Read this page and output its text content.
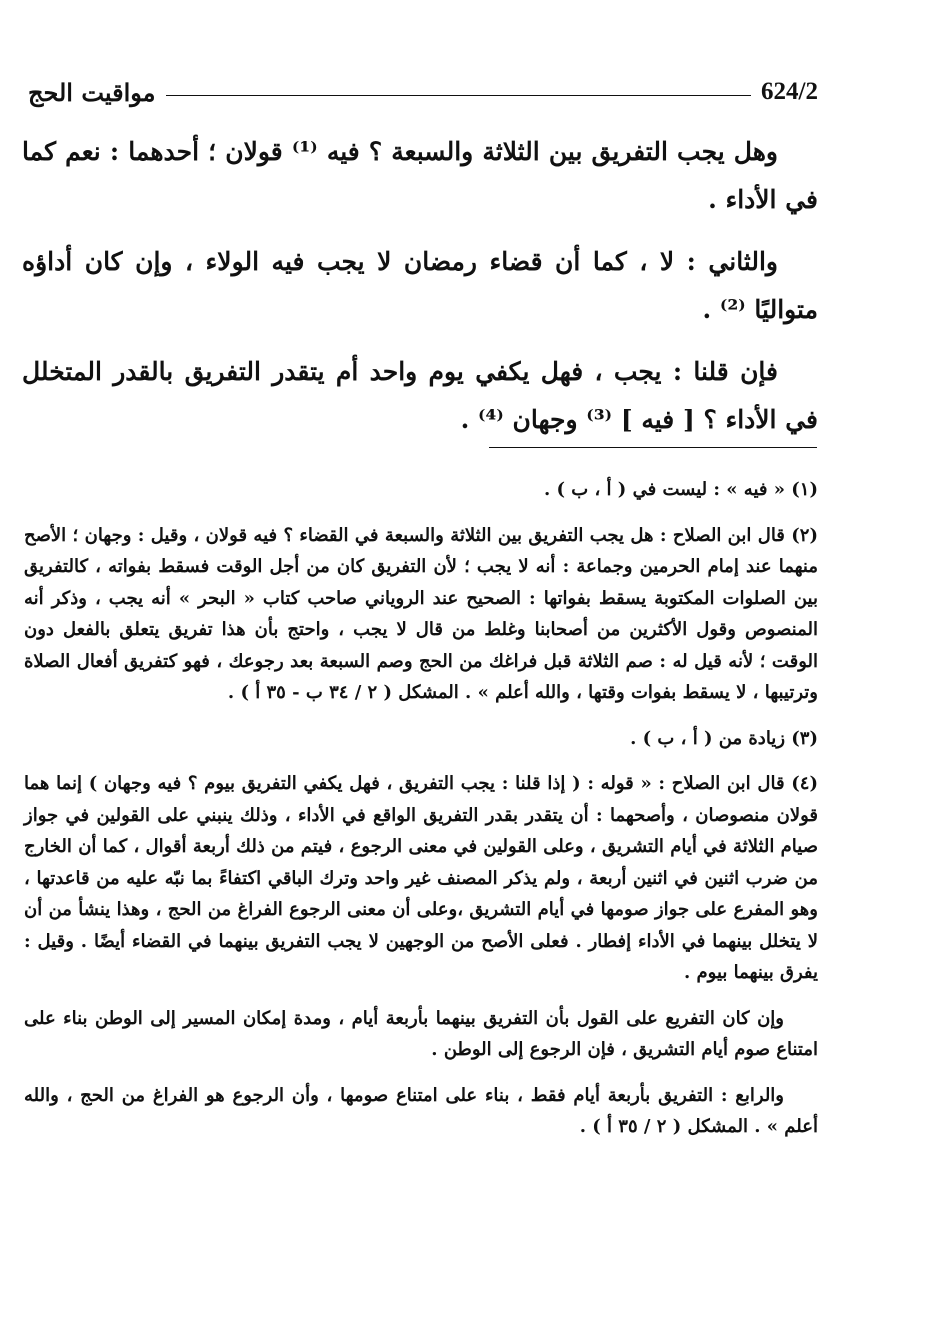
مواقيت الحج	624/2

وهل يجب التفريق بين الثلاثة والسبعة ؟ فيه ⁽¹⁾ قولان ؛ أحدهما : نعم كما في الأداء .

والثاني : لا ، كما أن قضاء رمضان لا يجب فيه الولاء ، وإن كان أداؤه متواليًا ⁽²⁾ .

فإن قلنا : يجب ، فهل يكفي يوم واحد أم يتقدر التفريق بالقدر المتخلل في الأداء ؟ [ فيه ] ⁽³⁾ وجهان ⁽⁴⁾ .

(١) « فيه » : ليست في ( أ ، ب ) .

(٢) قال ابن الصلاح : هل يجب التفريق بين الثلاثة والسبعة في القضاء ؟ فيه قولان ، وقيل : وجهان ؛ الأصح منهما عند إمام الحرمين وجماعة : أنه لا يجب ؛ لأن التفريق كان من أجل الوقت فسقط بفواته ، كالتفريق بين الصلوات المكتوبة يسقط بفواتها : الصحيح عند الروياني صاحب كتاب « البحر » أنه يجب ، وذكر أنه المنصوص وقول الأكثرين من أصحابنا وغلط من قال لا يجب ، واحتج بأن هذا تفريق يتعلق بالفعل دون الوقت ؛ لأنه قيل له : صم الثلاثة قبل فراغك من الحج وصم السبعة بعد رجوعك ، فهو كتفريق أفعال الصلاة وترتيبها ، لا يسقط بفوات وقتها ، والله أعلم » . المشكل ( ٢ / ٣٤ ب - ٣٥ أ ) .

(٣) زيادة من ( أ ، ب ) .

(٤) قال ابن الصلاح : « قوله : ( إذا قلنا : يجب التفريق ، فهل يكفي التفريق بيوم ؟ فيه وجهان ) إنما هما قولان منصوصان ، وأصحهما : أن يتقدر بقدر التفريق الواقع في الأداء ، وذلك ينبني على القولين في جواز صيام الثلاثة في أيام التشريق ، وعلى القولين في معنى الرجوع ، فيتم من ذلك أربعة أقوال ، كما أن الخارج من ضرب اثنين في اثنين أربعة ، ولم يذكر المصنف غير واحد وترك الباقي اكتفاءً بما نبّه عليه من قاعدتها ، وهو المفرع على جواز صومها في أيام التشريق ،وعلى أن معنى الرجوع الفراغ من الحج ، وهذا ينشأ من أن لا يتخلل بينهما في الأداء إفطار . فعلى الأصح من الوجهين لا يجب التفريق بينهما في القضاء أيضًا . وقيل : يفرق بينهما بيوم .

وإن كان التفريع على القول بأن التفريق بينهما بأربعة أيام ، ومدة إمكان المسير إلى الوطن بناء على امتناع صوم أيام التشريق ، فإن الرجوع إلى الوطن .

والرابع : التفريق بأربعة أيام فقط ، بناء على امتناع صومها ، وأن الرجوع هو الفراغ من الحج ، والله أعلم » . المشكل ( ٢ / ٣٥ أ ) .
